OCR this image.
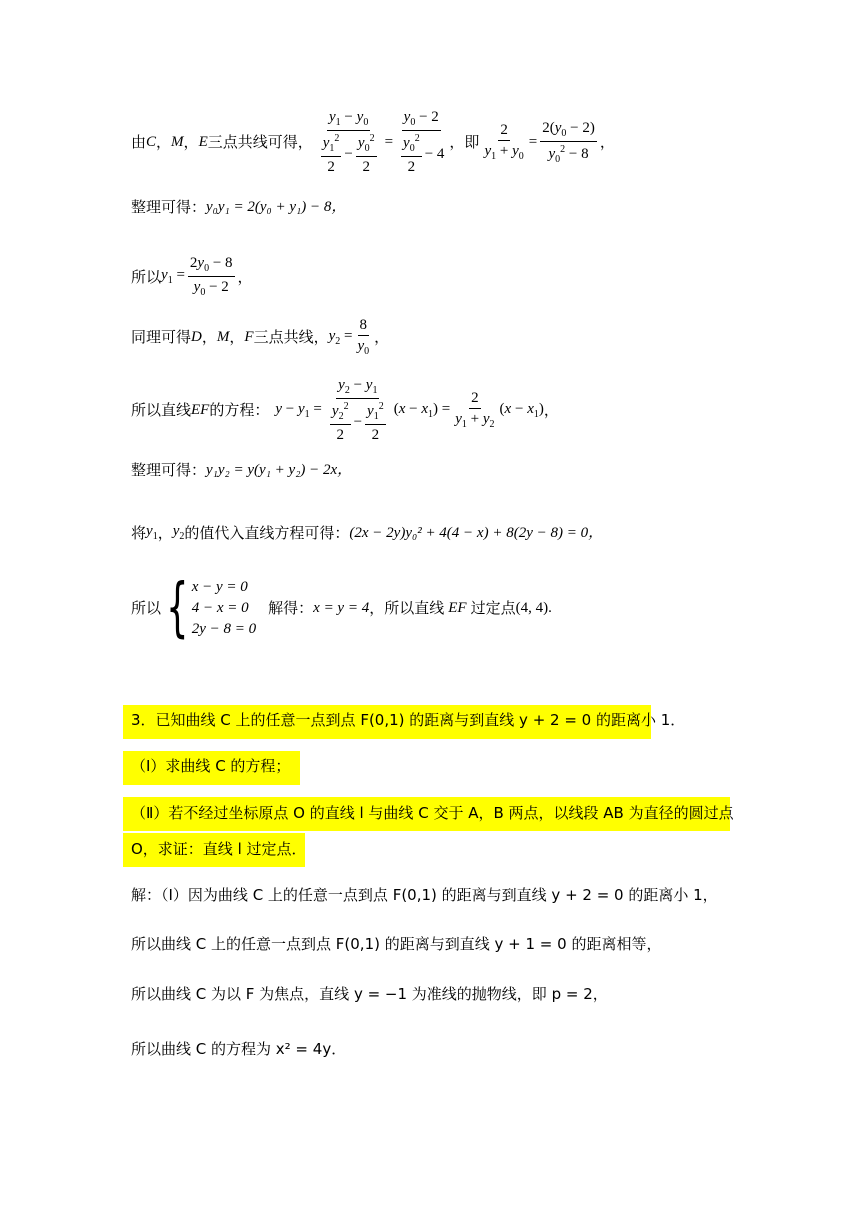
由 C ， M ， E 三点共线可得， $\frac{y_1 - y_0}{\frac{y_1^2}{2} - \frac{y_0^2}{2}} = \frac{y_0 - 2}{\frac{y_0^2}{2} - 4}$ ，即 $\frac{2}{y_1 + y_0} = \frac{2(y_0 - 2)}{y_0^2 - 8}$ ，
整理可得： y₀y₁ = 2(y₀ + y₁) − 8，
所以 $y_1 = \frac{2y_0 - 8}{y_0 - 2}$ ，
同理可得 D ， M ， F 三点共线， $y_2 = \frac{8}{y_0}$ ，
所以直线 EF 的方程： $y - y_1 = \frac{y_2 - y_1}{\frac{y_2^2}{2} - \frac{y_1^2}{2}} (x - x_1) = \frac{2}{y_1 + y_2} (x - x_1)$ ，
整理可得： y₁y₂ = y(y₁ + y₂) − 2x，
将 $y_1$ ， $y_2$ 的值代入直线方程可得： (2x − 2y)y₀² + 4(4 − x) + 8(2y − 8) = 0，
所以 { x − y = 0
4 − x = 0
2y − 8 = 0
解得： x = y = 4 ，所以直线 EF 过定点 (4, 4) .
3．已知曲线 C 上的任意一点到点 F(0,1) 的距离与到直线 y + 2 = 0 的距离小 1．
（Ⅰ）求曲线 C 的方程；
（Ⅱ）若不经过坐标原点 O 的直线 l 与曲线 C 交于 A，B 两点，以线段 AB 为直径的圆过点
O，求证：直线 l 过定点．
解：（Ⅰ）因为曲线 C 上的任意一点到点 F(0,1) 的距离与到直线 y + 2 = 0 的距离小 1，
所以曲线 C 上的任意一点到点 F(0,1) 的距离与到直线 y + 1 = 0 的距离相等，
所以曲线 C 为以 F 为焦点，直线 y = −1 为准线的抛物线，即 p = 2，
所以曲线 C 的方程为 x² = 4y．
